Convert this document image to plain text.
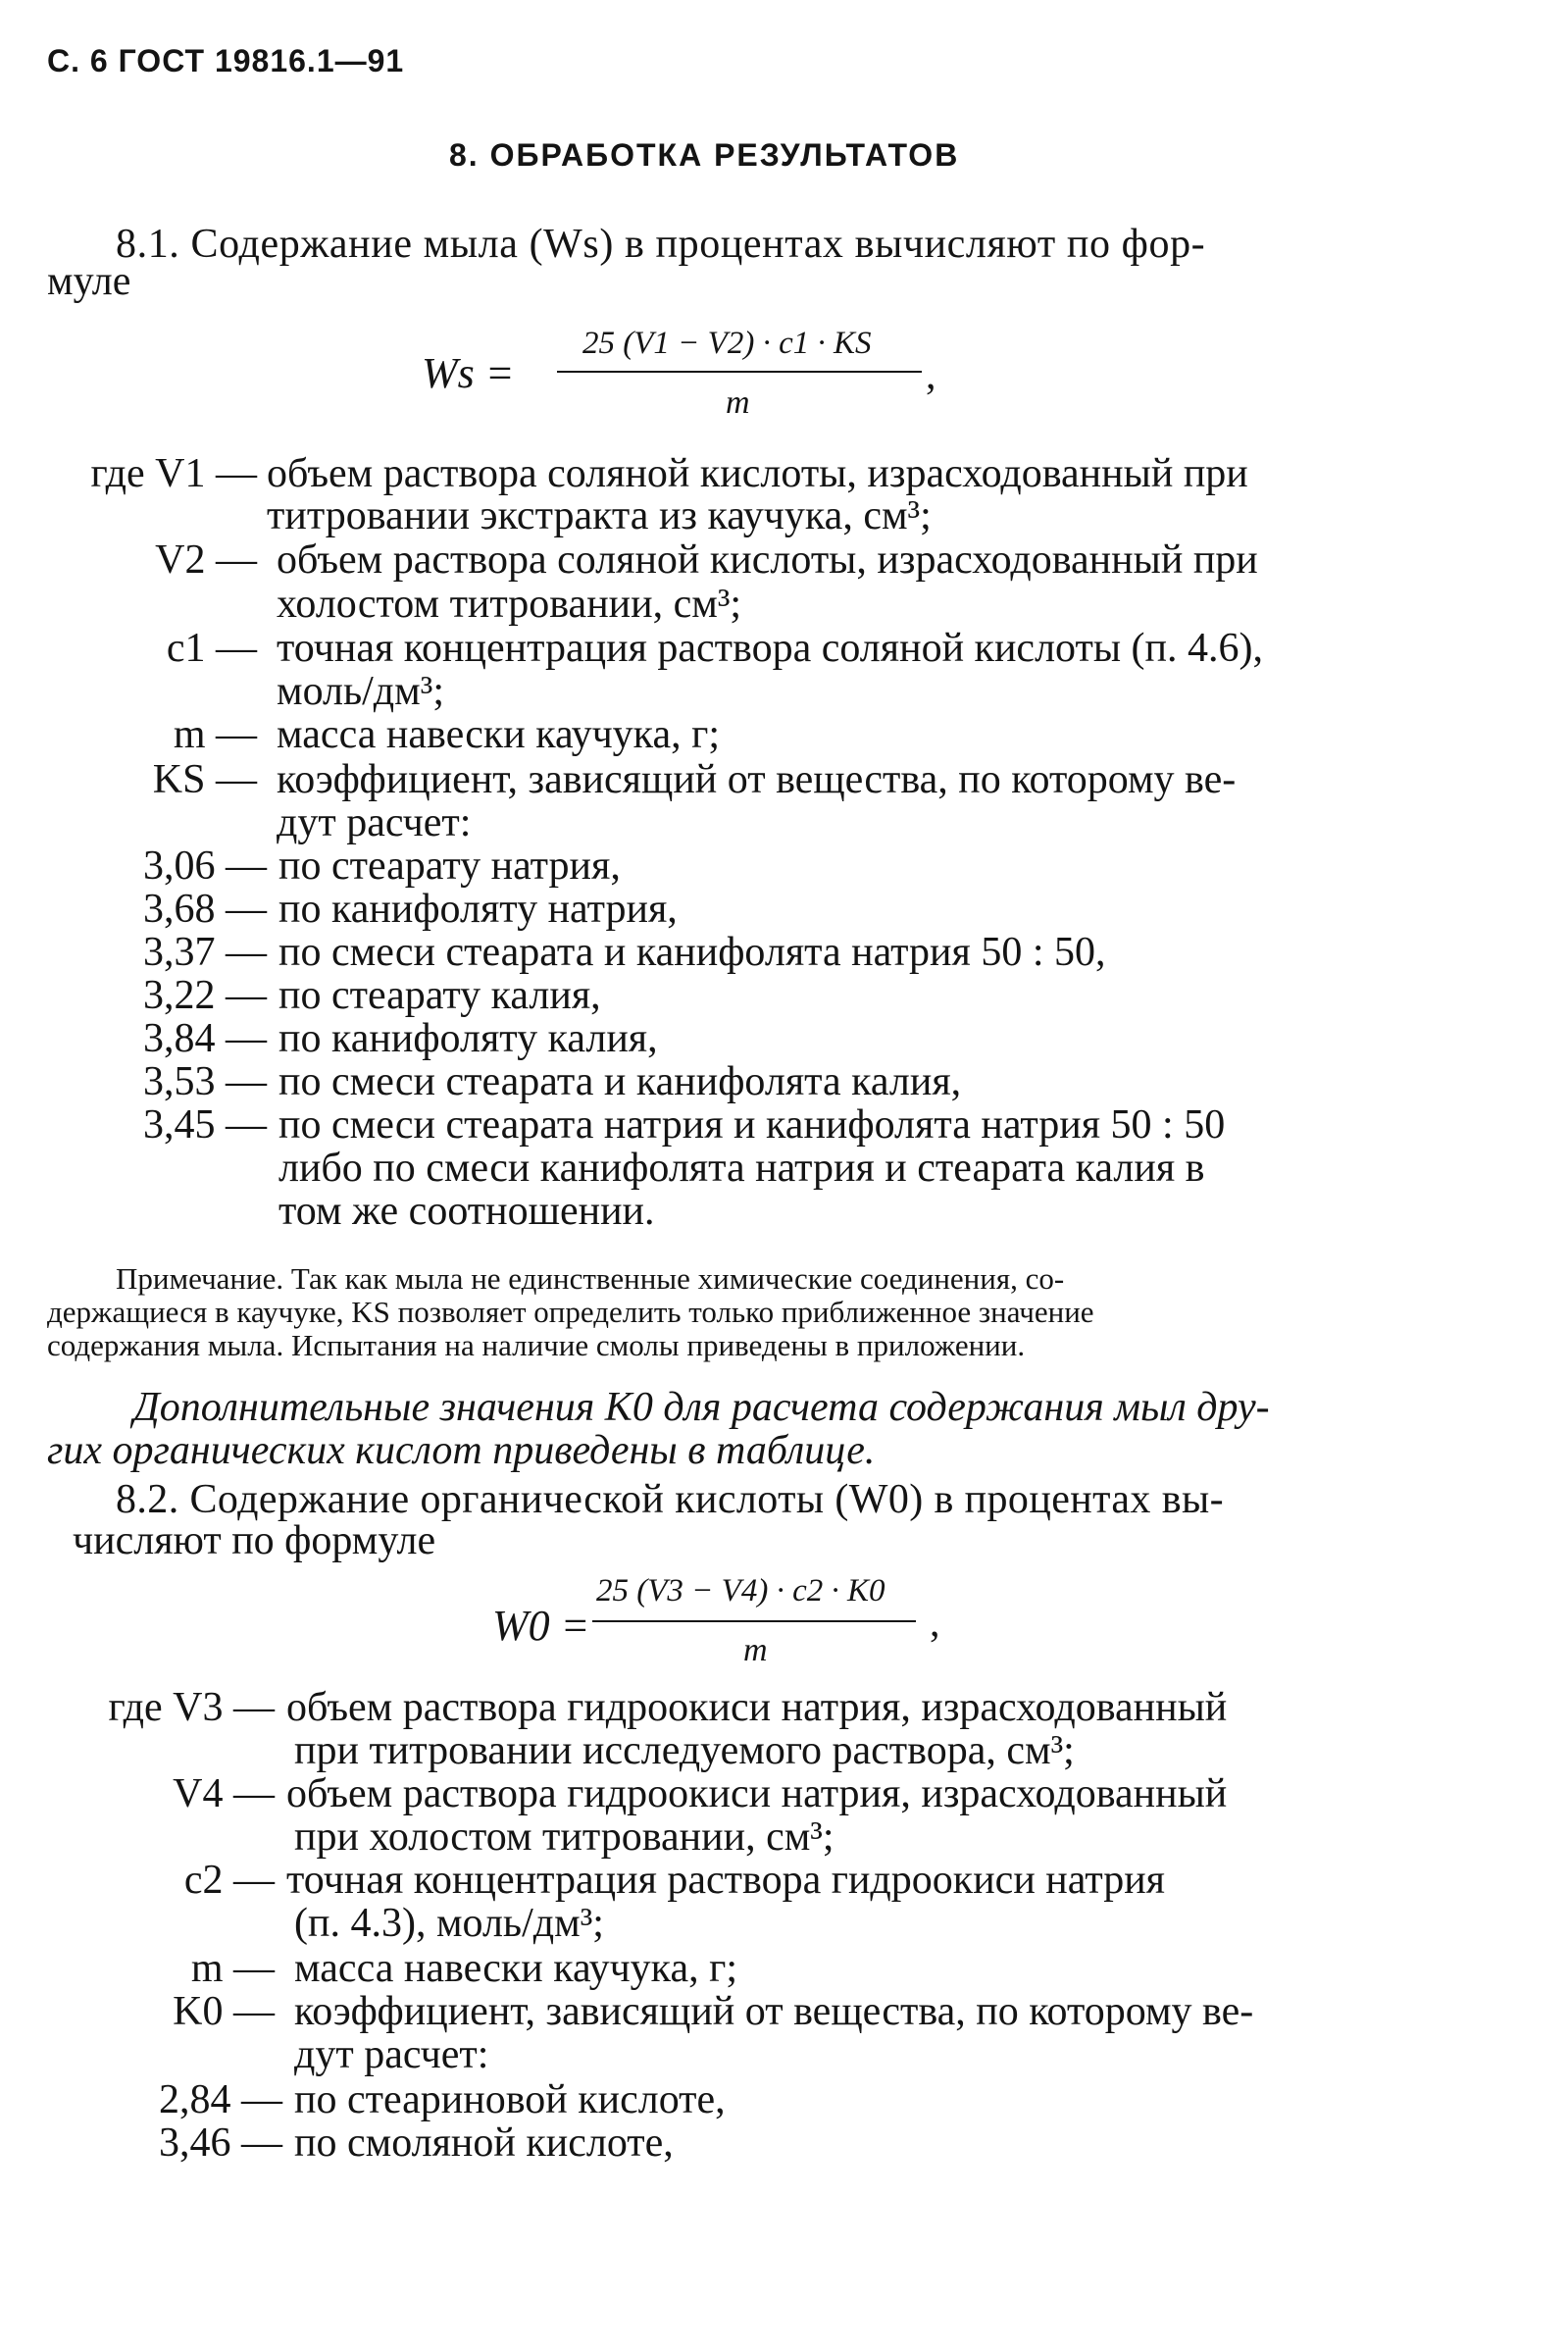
С. 6 ГОСТ 19816.1—91
8. ОБРАБОТКА РЕЗУЛЬТАТОВ
8.1. Содержание мыла (Ws) в процентах вычисляют по фор-
муле
Ws =
25 (V1 − V2) · c1 · KS
m
,
где V1 — объем раствора соляной кислоты, израсходованный при
титровании экстракта из каучука, см³;
V2 — объем раствора соляной кислоты, израсходованный при
холостом титровании, см³;
c1 — точная концентрация раствора соляной кислоты (п. 4.6),
моль/дм³;
m — масса навески каучука, г;
KS — коэффициент, зависящий от вещества, по которому ве-
дут расчет:
3,06 — по стеарату натрия,
3,68 — по канифоляту натрия,
3,37 — по смеси стеарата и канифолята натрия 50 : 50,
3,22 — по стеарату калия,
3,84 — по канифоляту калия,
3,53 — по смеси стеарата и канифолята калия,
3,45 — по смеси стеарата натрия и канифолята натрия 50 : 50
либо по смеси канифолята натрия и стеарата калия в
том же соотношении.
Примечание. Так как мыла не единственные химические соединения, со-
держащиеся в каучуке, KS позволяет определить только приближенное значение
содержания мыла. Испытания на наличие смолы приведены в приложении.
Дополнительные значения K0 для расчета содержания мыл дру-
гих органических кислот приведены в таблице.
8.2. Содержание органической кислоты (W0) в процентах вы-
числяют по формуле
W0 =
25 (V3 − V4) · c2 · K0
m
,
где V3 — объем раствора гидроокиси натрия, израсходованный
при титровании исследуемого раствора, см³;
V4 — объем раствора гидроокиси натрия, израсходованный
при холостом титровании, см³;
c2 — точная концентрация раствора гидроокиси натрия
(п. 4.3), моль/дм³;
m — масса навески каучука, г;
K0 — коэффициент, зависящий от вещества, по которому ве-
дут расчет:
2,84 — по стеариновой кислоте,
3,46 — по смоляной кислоте,
